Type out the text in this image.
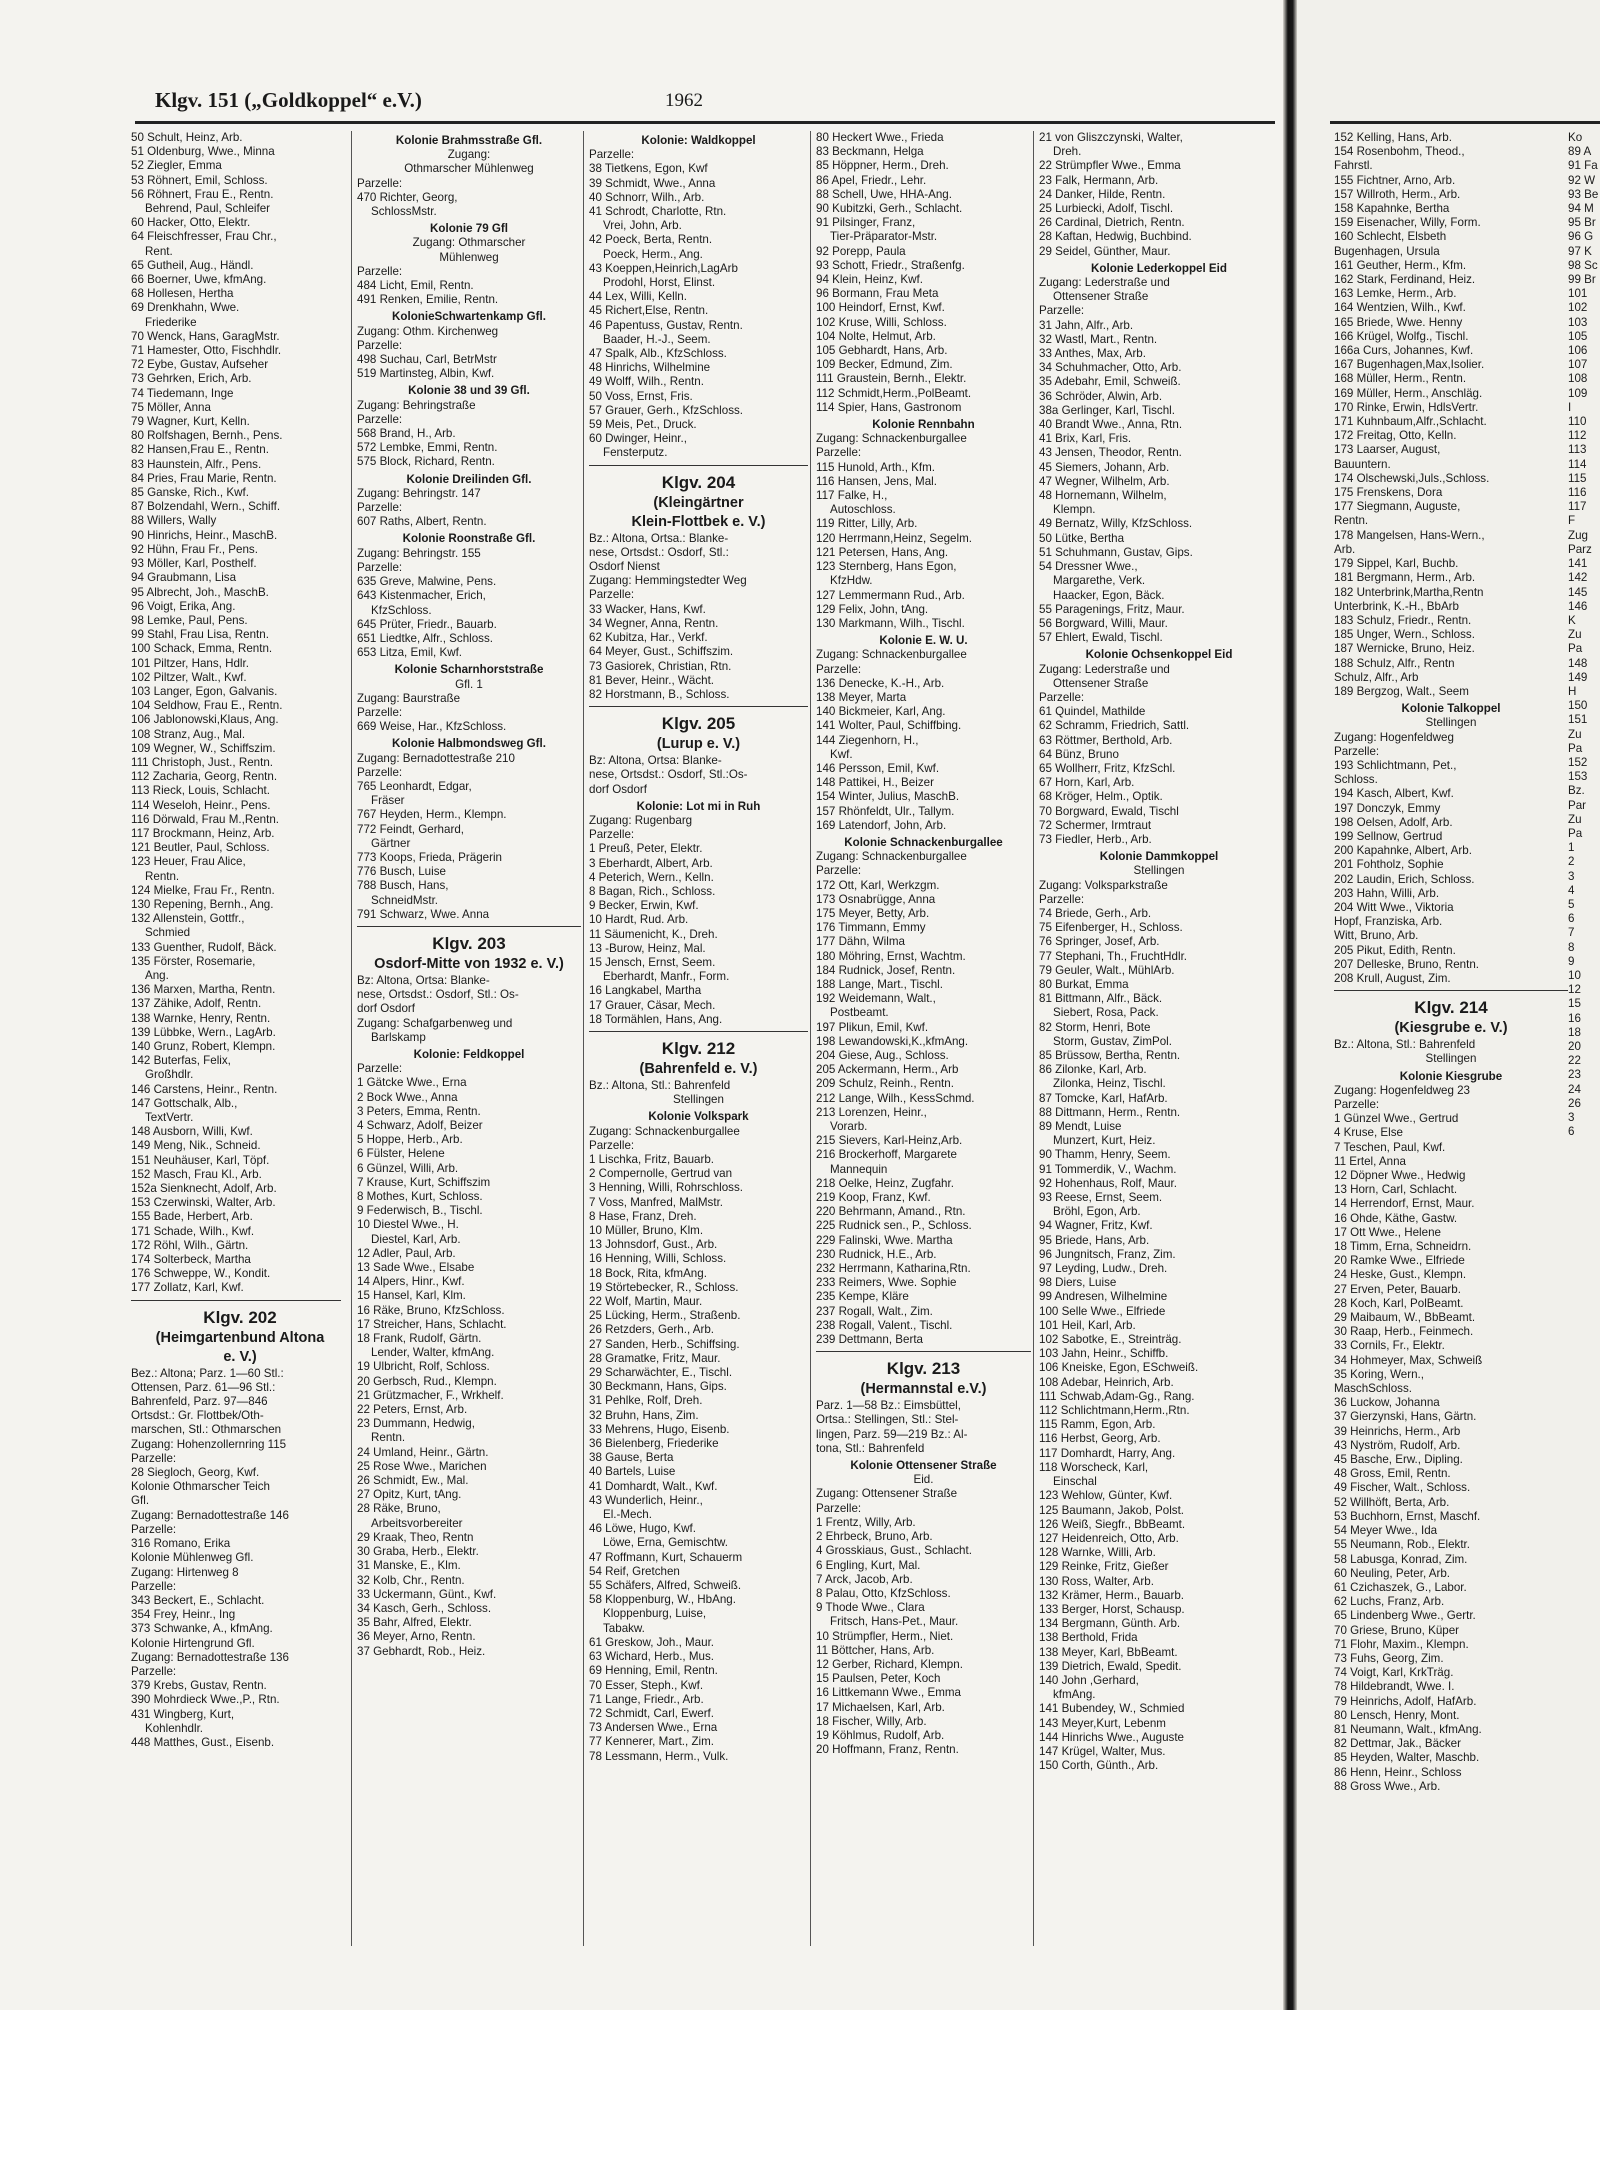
Klgv. 151 („Goldkoppel“ e.V.)	1962
50 Schult, Heinz, Arb.
51 Oldenburg, Wwe., Minna
52 Ziegler, Emma
53 Röhnert, Emil, Schloss.
56 Röhnert, Frau E., Rentn.
Behrend, Paul, Schleifer
60 Hacker, Otto, Elektr.
64 Fleischfresser, Frau Chr.,
Rent.
65 Gutheil, Aug., Händl.
66 Boerner, Uwe, kfmAng.
68 Hollesen, Hertha
69 Drenkhahn, Wwe.
Friederike
70 Wenck, Hans, GaragMstr.
71 Hamester, Otto, Fischhdlr.
72 Eybe, Gustav, Aufseher
73 Gehrken, Erich, Arb.
74 Tiedemann, Inge
75 Möller, Anna
79 Wagner, Kurt, Kelln.
80 Rolfshagen, Bernh., Pens.
82 Hansen,Frau E., Rentn.
83 Haunstein, Alfr., Pens.
84 Pries, Frau Marie, Rentn.
85 Ganske, Rich., Kwf.
87 Bolzendahl, Wern., Schiff.
88 Willers, Wally
90 Hinrichs, Heinr., MaschB.
92 Hühn, Frau Fr., Pens.
93 Möller, Karl, Posthelf.
94 Graubmann, Lisa
95 Albrecht, Joh., MaschB.
96 Voigt, Erika, Ang.
98 Lemke, Paul, Pens.
99 Stahl, Frau Lisa, Rentn.
100 Schack, Emma, Rentn.
101 Piltzer, Hans, Hdlr.
102 Piltzer, Walt., Kwf.
103 Langer, Egon, Galvanis.
104 Seldhow, Frau E., Rentn.
106 Jablonowski,Klaus, Ang.
108 Stranz, Aug., Mal.
109 Wegner, W., Schiffszim.
111 Christoph, Just., Rentn.
112 Zacharia, Georg, Rentn.
113 Rieck, Louis, Schlacht.
114 Weseloh, Heinr., Pens.
116 Dörwald, Frau M.,Rentn.
117 Brockmann, Heinz, Arb.
121 Beutler, Paul, Schloss.
123 Heuer, Frau Alice,
Rentn.
124 Mielke, Frau Fr., Rentn.
130 Repening, Bernh., Ang.
132 Allenstein, Gottfr.,
Schmied
133 Guenther, Rudolf, Bäck.
135 Förster, Rosemarie,
Ang.
136 Marxen, Martha, Rentn.
137 Zähike, Adolf, Rentn.
138 Warnke, Henry, Rentn.
139 Lübbke, Wern., LagArb.
140 Grunz, Robert, Klempn.
142 Buterfas, Felix,
Großhdlr.
146 Carstens, Heinr., Rentn.
147 Gottschalk, Alb.,
TextVertr.
148 Ausborn, Willi, Kwf.
149 Meng, Nik., Schneid.
151 Neuhäuser, Karl, Töpf.
152 Masch, Frau Kl., Arb.
152a Sienknecht, Adolf, Arb.
153 Czerwinski, Walter, Arb.
155 Bade, Herbert, Arb.
171 Schade, Wilh., Kwf.
172 Röhl, Wilh., Gärtn.
174 Solterbeck, Martha
176 Schweppe, W., Kondit.
177 Zollatz, Karl, Kwf.
Klgv. 202
(Heimgartenbund Altona
e. V.)
Bez.: Altona; Parz. 1—60 Stl.:
Ottensen, Parz. 61—96 Stl.:
Bahrenfeld, Parz. 97—846
Ortsdst.: Gr. Flottbek/Oth-
marschen, Stl.: Othmarschen
Zugang: Hohenzollernring 115
Parzelle:
28 Siegloch, Georg, Kwf.
Kolonie Othmarscher Teich
Gfl.
Zugang: Bernadottestraße 146
Parzelle:
316 Romano, Erika
Kolonie Mühlenweg Gfl.
Zugang: Hirtenweg 8
Parzelle:
343 Beckert, E., Schlacht.
354 Frey, Heinr., Ing
373 Schwanke, A., kfmAng.
Kolonie Hirtengrund Gfl.
Zugang: Bernadottestraße 136
Parzelle:
379 Krebs, Gustav, Rentn.
390 Mohrdieck Wwe.,P., Rtn.
431 Wingberg, Kurt,
Kohlenhdlr.
448 Matthes, Gust., Eisenb.
Kolonie Brahmsstraße Gfl.
Zugang:
Othmarscher Mühlenweg
Parzelle:
470 Richter, Georg,
SchlossMstr.
Kolonie 79 Gfl
Zugang: Othmarscher
Mühlenweg
Parzelle:
484 Licht, Emil, Rentn.
491 Renken, Emilie, Rentn.
KolonieSchwartenkamp Gfl.
Zugang: Othm. Kirchenweg
Parzelle:
498 Suchau, Carl, BetrMstr
519 Martinsteg, Albin, Kwf.
Kolonie 38 und 39 Gfl.
Zugang: Behringstraße
Parzelle:
568 Brand, H., Arb.
572 Lembke, Emmi, Rentn.
575 Block, Richard, Rentn.
Kolonie Dreilinden Gfl.
Zugang: Behringstr. 147
Parzelle:
607 Raths, Albert, Rentn.
Kolonie Roonstraße Gfl.
Zugang: Behringstr. 155
Parzelle:
635 Greve, Malwine, Pens.
643 Kistenmacher, Erich,
KfzSchloss.
645 Prüter, Friedr., Bauarb.
651 Liedtke, Alfr., Schloss.
653 Litza, Emil, Kwf.
Kolonie Scharnhorststraße
Gfl. 1
Zugang: Baurstraße
Parzelle:
669 Weise, Har., KfzSchloss.
Kolonie Halbmondsweg Gfl.
Zugang: Bernadottestraße 210
Parzelle:
765 Leonhardt, Edgar,
Fräser
767 Heyden, Herm., Klempn.
772 Feindt, Gerhard,
Gärtner
773 Koops, Frieda, Prägerin
776 Busch, Luise
788 Busch, Hans,
SchneidMstr.
791 Schwarz, Wwe. Anna
Klgv. 203
Osdorf-Mitte von 1932 e. V.)
Bz: Altona, Ortsa: Blanke-
nese, Ortsdst.: Osdorf, Stl.: Os-
dorf Osdorf
Zugang: Schafgarbenweg und
Barlskamp
Kolonie: Feldkoppel
Parzelle:
1 Gätcke Wwe., Erna
2 Bock Wwe., Anna
3 Peters, Emma, Rentn.
4 Schwarz, Adolf, Beizer
5 Hoppe, Herb., Arb.
6 Fülster, Helene
6 Günzel, Willi, Arb.
7 Krause, Kurt, Schiffszim
8 Mothes, Kurt, Schloss.
9 Federwisch, B., Tischl.
10 Diestel Wwe., H.
Diestel, Karl, Arb.
12 Adler, Paul, Arb.
13 Sade Wwe., Elsabe
14 Alpers, Hinr., Kwf.
15 Hansel, Karl, Klm.
16 Räke, Bruno, KfzSchloss.
17 Streicher, Hans, Schlacht.
18 Frank, Rudolf, Gärtn.
Lender, Walter, kfmAng.
19 Ulbricht, Rolf, Schloss.
20 Gerbsch, Rud., Klempn.
21 Grützmacher, F., Wrkhelf.
22 Peters, Ernst, Arb.
23 Dummann, Hedwig,
Rentn.
24 Umland, Heinr., Gärtn.
25 Rose Wwe., Marichen
26 Schmidt, Ew., Mal.
27 Opitz, Kurt, tAng.
28 Räke, Bruno,
Arbeitsvorbereiter
29 Kraak, Theo, Rentn
30 Graba, Herb., Elektr.
31 Manske, E., Klm.
32 Kolb, Chr., Rentn.
33 Uckermann, Günt., Kwf.
34 Kasch, Gerh., Schloss.
35 Bahr, Alfred, Elektr.
36 Meyer, Arno, Rentn.
37 Gebhardt, Rob., Heiz.
Kolonie: Waldkoppel
Parzelle:
38 Tietkens, Egon, Kwf
39 Schmidt, Wwe., Anna
40 Schnorr, Wilh., Arb.
41 Schrodt, Charlotte, Rtn.
Vrei, John, Arb.
42 Poeck, Berta, Rentn.
Poeck, Herm., Ang.
43 Koeppen,Heinrich,LagArb
Prodohl, Horst, Elinst.
44 Lex, Willi, Kelln.
45 Richert,Else, Rentn.
46 Papentuss, Gustav, Rentn.
Baader, H.-J., Seem.
47 Spalk, Alb., KfzSchloss.
48 Hinrichs, Wilhelmine
49 Wolff, Wilh., Rentn.
50 Voss, Ernst, Fris.
57 Grauer, Gerh., KfzSchloss.
59 Meis, Pet., Druck.
60 Dwinger, Heinr.,
Fensterputz.
Klgv. 204
(Kleingärtner
Klein-Flottbek e. V.)
Bz.: Altona, Ortsa.: Blanke-
nese, Ortsdst.: Osdorf, Stl.:
Osdorf Nienst
Zugang: Hemmingstedter Weg
Parzelle:
33 Wacker, Hans, Kwf.
34 Wegner, Anna, Rentn.
62 Kubitza, Har., Verkf.
64 Meyer, Gust., Schiffszim.
73 Gasiorek, Christian, Rtn.
81 Bever, Heinr., Wächt.
82 Horstmann, B., Schloss.
Klgv. 205
(Lurup e. V.)
Bz: Altona, Ortsa: Blanke-
nese, Ortsdst.: Osdorf, Stl.:Os-
dorf Osdorf
Kolonie: Lot mi in Ruh
Zugang: Rugenbarg
Parzelle:
1 Preuß, Peter, Elektr.
3 Eberhardt, Albert, Arb.
4 Peterich, Wern., Kelln.
8 Bagan, Rich., Schloss.
9 Becker, Erwin, Kwf.
10 Hardt, Rud. Arb.
11 Säumenicht, K., Dreh.
13 -Burow, Heinz, Mal.
15 Jensch, Ernst, Seem.
Eberhardt, Manfr., Form.
16 Langkabel, Martha
17 Grauer, Cäsar, Mech.
18 Tormählen, Hans, Ang.
Klgv. 212
(Bahrenfeld e. V.)
Bz.: Altona, Stl.: Bahrenfeld
Stellingen
Kolonie Volkspark
Zugang: Schnackenburgallee
Parzelle:
1 Lischka, Fritz, Bauarb.
2 Compernolle, Gertrud van
3 Henning, Willi, Rohrschloss.
7 Voss, Manfred, MalMstr.
8 Hase, Franz, Dreh.
10 Müller, Bruno, Klm.
13 Johnsdorf, Gust., Arb.
16 Henning, Willi, Schloss.
18 Bock, Rita, kfmAng.
19 Störtebecker, R., Schloss.
22 Wolf, Martin, Maur.
25 Lücking, Herm., Straßenb.
26 Retzders, Gerh., Arb.
27 Sanden, Herb., Schiffsing.
28 Gramatke, Fritz, Maur.
29 Scharwächter, E., Tischl.
30 Beckmann, Hans, Gips.
31 Pehlke, Rolf, Dreh.
32 Bruhn, Hans, Zim.
33 Mehrens, Hugo, Eisenb.
36 Bielenberg, Friederike
38 Gause, Berta
40 Bartels, Luise
41 Domhardt, Walt., Kwf.
43 Wunderlich, Heinr.,
El.-Mech.
46 Löwe, Hugo, Kwf.
Löwe, Erna, Gemischtw.
47 Roffmann, Kurt, Schauerm
54 Reif, Gretchen
55 Schäfers, Alfred, Schweiß.
58 Kloppenburg, W., HbAng.
Kloppenburg, Luise,
Tabakw.
61 Greskow, Joh., Maur.
63 Wichard, Herb., Mus.
69 Henning, Emil, Rentn.
70 Esser, Steph., Kwf.
71 Lange, Friedr., Arb.
72 Schmidt, Carl, Ewerf.
73 Andersen Wwe., Erna
77 Kennerer, Mart., Zim.
78 Lessmann, Herm., Vulk.
80 Heckert Wwe., Frieda
83 Beckmann, Helga
85 Höppner, Herm., Dreh.
86 Apel, Friedr., Lehr.
88 Schell, Uwe, HHA-Ang.
90 Kubitzki, Gerh., Schlacht.
91 Pilsinger, Franz,
Tier-Präparator-Mstr.
92 Porepp, Paula
93 Schott, Friedr., Straßenfg.
94 Klein, Heinz, Kwf.
96 Bormann, Frau Meta
100 Heindorf, Ernst, Kwf.
102 Kruse, Willi, Schloss.
104 Nolte, Helmut, Arb.
105 Gebhardt, Hans, Arb.
109 Becker, Edmund, Zim.
111 Graustein, Bernh., Elektr.
112 Schmidt,Herm.,PolBeamt.
114 Spier, Hans, Gastronom
Kolonie Rennbahn
Zugang: Schnackenburgallee
Parzelle:
115 Hunold, Arth., Kfm.
116 Hansen, Jens, Mal.
117 Falke, H.,
Autoschloss.
119 Ritter, Lilly, Arb.
120 Herrmann,Heinz, Segelm.
121 Petersen, Hans, Ang.
123 Sternberg, Hans Egon,
KfzHdw.
127 Lemmermann Rud., Arb.
129 Felix, John, tAng.
130 Markmann, Wilh., Tischl.
Kolonie E. W. U.
Zugang: Schnackenburgallee
Parzelle:
136 Denecke, K.-H., Arb.
138 Meyer, Marta
140 Bickmeier, Karl, Ang.
141 Wolter, Paul, Schiffbing.
144 Ziegenhorn, H.,
Kwf.
146 Persson, Emil, Kwf.
148 Pattikei, H., Beizer
154 Winter, Julius, MaschB.
157 Rhönfeldt, Ulr., Tallym.
169 Latendorf, John, Arb.
Kolonie Schnackenburgallee
Zugang: Schnackenburgallee
Parzelle:
172 Ott, Karl, Werkzgm.
173 Osnabrügge, Anna
175 Meyer, Betty, Arb.
176 Timmann, Emmy
177 Dähn, Wilma
180 Möhring, Ernst, Wachtm.
184 Rudnick, Josef, Rentn.
188 Lange, Mart., Tischl.
192 Weidemann, Walt.,
Postbeamt.
197 Plikun, Emil, Kwf.
198 Lewandowski,K.,kfmAng.
204 Giese, Aug., Schloss.
205 Ackermann, Herm., Arb
209 Schulz, Reinh., Rentn.
212 Lange, Wilh., KessSchmd.
213 Lorenzen, Heinr.,
Vorarb.
215 Sievers, Karl-Heinz,Arb.
216 Brockerhoff, Margarete
Mannequin
218 Oelke, Heinz, Zugfahr.
219 Koop, Franz, Kwf.
220 Behrmann, Amand., Rtn.
225 Rudnick sen., P., Schloss.
229 Falinski, Wwe. Martha
230 Rudnick, H.E., Arb.
232 Herrmann, Katharina,Rtn.
233 Reimers, Wwe. Sophie
235 Kempe, Kläre
237 Rogall, Walt., Zim.
238 Rogall, Valent., Tischl.
239 Dettmann, Berta
Klgv. 213
(Hermannstal e.V.)
Parz. 1—58 Bz.: Eimsbüttel,
Ortsa.: Stellingen, Stl.: Stel-
lingen, Parz. 59—219 Bz.: Al-
tona, Stl.: Bahrenfeld
Kolonie Ottensener Straße
Eid.
Zugang: Ottensener Straße
Parzelle:
1 Frentz, Willy, Arb.
2 Ehrbeck, Bruno, Arb.
4 Grosskiaus, Gust., Schlacht.
6 Engling, Kurt, Mal.
7 Arck, Jacob, Arb.
8 Palau, Otto, KfzSchloss.
9 Thode Wwe., Clara
Fritsch, Hans-Pet., Maur.
10 Strümpfler, Herm., Niet.
11 Böttcher, Hans, Arb.
12 Gerber, Richard, Klempn.
15 Paulsen, Peter, Koch
16 Littkemann Wwe., Emma
17 Michaelsen, Karl, Arb.
18 Fischer, Willy, Arb.
19 Köhlmus, Rudolf, Arb.
20 Hoffmann, Franz, Rentn.
21 von Gliszczynski, Walter,
Dreh.
22 Strümpfler Wwe., Emma
23 Falk, Hermann, Arb.
24 Danker, Hilde, Rentn.
25 Lurbiecki, Adolf, Tischl.
26 Cardinal, Dietrich, Rentn.
28 Kaftan, Hedwig, Buchbind.
29 Seidel, Günther, Maur.
Kolonie Lederkoppel Eid
Zugang: Lederstraße und
Ottensener Straße
Parzelle:
31 Jahn, Alfr., Arb.
32 Wastl, Mart., Rentn.
33 Anthes, Max, Arb.
34 Schuhmacher, Otto, Arb.
35 Adebahr, Emil, Schweiß.
36 Schröder, Alwin, Arb.
38a Gerlinger, Karl, Tischl.
40 Brandt Wwe., Anna, Rtn.
41 Brix, Karl, Fris.
43 Jensen, Theodor, Rentn.
45 Siemers, Johann, Arb.
47 Wegner, Wilhelm, Arb.
48 Hornemann, Wilhelm,
Klempn.
49 Bernatz, Willy, KfzSchloss.
50 Lütke, Bertha
51 Schuhmann, Gustav, Gips.
54 Dressner Wwe.,
Margarethe, Verk.
Haacker, Egon, Bäck.
55 Paragenings, Fritz, Maur.
56 Borgward, Willi, Maur.
57 Ehlert, Ewald, Tischl.
Kolonie Ochsenkoppel Eid
Zugang: Lederstraße und
Ottensener Straße
Parzelle:
61 Quindel, Mathilde
62 Schramm, Friedrich, Sattl.
63 Röttmer, Berthold, Arb.
64 Bünz, Bruno
65 Wollherr, Fritz, KfzSchl.
67 Horn, Karl, Arb.
68 Kröger, Helm., Optik.
70 Borgward, Ewald, Tischl
72 Schermer, Irmtraut
73 Fiedler, Herb., Arb.
Kolonie Dammkoppel
Stellingen
Zugang: Volksparkstraße
Parzelle:
74 Briede, Gerh., Arb.
75 Eifenberger, H., Schloss.
76 Springer, Josef, Arb.
77 Stephani, Th., FruchtHdlr.
79 Geuler, Walt., MühlArb.
80 Burkat, Emma
81 Bittmann, Alfr., Bäck.
Siebert, Rosa, Pack.
82 Storm, Henri, Bote
Storm, Gustav, ZimPol.
85 Brüssow, Bertha, Rentn.
86 Zilonke, Karl, Arb.
Zilonka, Heinz, Tischl.
87 Tomcke, Karl, HafArb.
88 Dittmann, Herm., Rentn.
89 Mendt, Luise
Munzert, Kurt, Heiz.
90 Thamm, Henry, Seem.
91 Tommerdik, V., Wachm.
92 Hohenhaus, Rolf, Maur.
93 Reese, Ernst, Seem.
Bröhl, Egon, Arb.
94 Wagner, Fritz, Kwf.
95 Briede, Hans, Arb.
96 Jungnitsch, Franz, Zim.
97 Leyding, Ludw., Dreh.
98 Diers, Luise
99 Andresen, Wilhelmine
100 Selle Wwe., Elfriede
101 Heil, Karl, Arb.
102 Sabotke, E., Streinträg.
103 Jahn, Heinr., Schiffb.
106 Kneiske, Egon, ESchweiß.
108 Adebar, Heinrich, Arb.
111 Schwab,Adam-Gg., Rang.
112 Schlichtmann,Herm.,Rtn.
115 Ramm, Egon, Arb.
116 Herbst, Georg, Arb.
117 Domhardt, Harry, Ang.
118 Worscheck, Karl,
Einschal
123 Wehlow, Günter, Kwf.
125 Baumann, Jakob, Polst.
126 Weiß, Siegfr., BbBeamt.
127 Heidenreich, Otto, Arb.
128 Warnke, Willi, Arb.
129 Reinke, Fritz, Gießer
130 Ross, Walter, Arb.
132 Krämer, Herm., Bauarb.
133 Berger, Horst, Schausp.
134 Bergmann, Günth. Arb.
138 Berthold, Frida
138 Meyer, Karl, BbBeamt.
139 Dietrich, Ewald, Spedit.
140 John ,Gerhard,
kfmAng.
141 Bubendey, W., Schmied
143 Meyer,Kurt, Lebenm
144 Hinrichs Wwe., Auguste
147 Krügel, Walter, Mus.
150 Corth, Günth., Arb.
152 Kelling, Hans, Arb.
154 Rosenbohm, Theod.,
Fahrstl.
155 Fichtner, Arno, Arb.
157 Willroth, Herm., Arb.
158 Kapahnke, Bertha
159 Eisenacher, Willy, Form.
160 Schlecht, Elsbeth
Bugenhagen, Ursula
161 Geuther, Herm., Kfm.
162 Stark, Ferdinand, Heiz.
163 Lemke, Herm., Arb.
164 Wentzien, Wilh., Kwf.
165 Briede, Wwe. Henny
166 Krügel, Wolfg., Tischl.
166a Curs, Johannes, Kwf.
167 Bugenhagen,Max,Isolier.
168 Müller, Herm., Rentn.
169 Müller, Herm., Anschläg.
170 Rinke, Erwin, HdlsVertr.
171 Kuhnbaum,Alfr.,Schlacht.
172 Freitag, Otto, Kelln.
173 Laarser, August,
Bauuntern.
174 Olschewski,Juls.,Schloss.
175 Frenskens, Dora
177 Siegmann, Auguste,
Rentn.
178 Mangelsen, Hans-Wern.,
Arb.
179 Sippel, Karl, Buchb.
181 Bergmann, Herm., Arb.
182 Unterbrink,Martha,Rentn
Unterbrink, K.-H., BbArb
183 Schulz, Friedr., Rentn.
185 Unger, Wern., Schloss.
187 Wernicke, Bruno, Heiz.
188 Schulz, Alfr., Rentn
Schulz, Alfr., Arb
189 Bergzog, Walt., Seem
Kolonie Talkoppel
Stellingen
Zugang: Hogenfeldweg
Parzelle:
193 Schlichtmann, Pet.,
Schloss.
194 Kasch, Albert, Kwf.
197 Donczyk, Emmy
198 Oelsen, Adolf, Arb.
199 Sellnow, Gertrud
200 Kapahnke, Albert, Arb.
201 Fohtholz, Sophie
202 Laudin, Erich, Schloss.
203 Hahn, Willi, Arb.
204 Witt Wwe., Viktoria
Hopf, Franziska, Arb.
Witt, Bruno, Arb.
205 Pikut, Edith, Rentn.
207 Delleske, Bruno, Rentn.
208 Krull, August, Zim.
Klgv. 214
(Kiesgrube e. V.)
Bz.: Altona, Stl.: Bahrenfeld
Stellingen
Kolonie Kiesgrube
Zugang: Hogenfeldweg 23
Parzelle:
1 Günzel Wwe., Gertrud
4 Kruse, Else
7 Teschen, Paul, Kwf.
11 Ertel, Anna
12 Döpner Wwe., Hedwig
13 Horn, Carl, Schlacht.
14 Herrendorf, Ernst, Maur.
16 Ohde, Käthe, Gastw.
17 Ott Wwe., Helene
18 Timm, Erna, Schneidrn.
20 Ramke Wwe., Elfriede
24 Heske, Gust., Klempn.
27 Erven, Peter, Bauarb.
28 Koch, Karl, PolBeamt.
29 Maibaum, W., BbBeamt.
30 Raap, Herb., Feinmech.
33 Cornils, Fr., Elektr.
34 Hohmeyer, Max, Schweiß
35 Koring, Wern.,
MaschSchloss.
36 Luckow, Johanna
37 Gierzynski, Hans, Gärtn.
39 Heinrichs, Herm., Arb
43 Nyström, Rudolf, Arb.
45 Basche, Erw., Dipling.
48 Gross, Emil, Rentn.
49 Fischer, Walt., Schloss.
52 Willhöft, Berta, Arb.
53 Buchhorn, Ernst, Maschf.
54 Meyer Wwe., Ida
55 Neumann, Rob., Elektr.
58 Labusga, Konrad, Zim.
60 Neuling, Peter, Arb.
61 Czichaszek, G., Labor.
62 Luchs, Franz, Arb.
65 Lindenberg Wwe., Gertr.
70 Griese, Bruno, Küper
71 Flohr, Maxim., Klempn.
73 Fuhs, Georg, Zim.
74 Voigt, Karl, KrkTräg.
78 Hildebrandt, Wwe. I.
79 Heinrichs, Adolf, HafArb.
80 Lensch, Henry, Mont.
81 Neumann, Walt., kfmAng.
82 Dettmar, Jak., Bäcker
85 Heyden, Walter, Maschb.
86 Henn, Heinr., Schloss
88 Gross Wwe., Arb.
Ko
89 A
91 Fa
92 W
93 Be
94 M
95 Br
96 G
97 K
98 Sc
99 Br
101
102
103
105
106
107
108
109
I
110
112
113
114
115
116
117
F
Zug
Parz
141
142
145
146
K
Zu
Pa
148
149
H
150
151
Zu
Pa
152
153
Bz.
Par
Zu
Pa
1
2
3
4
5
6
7
8
9
10
12
15
16
18
20
22
23
24
26
3
6
